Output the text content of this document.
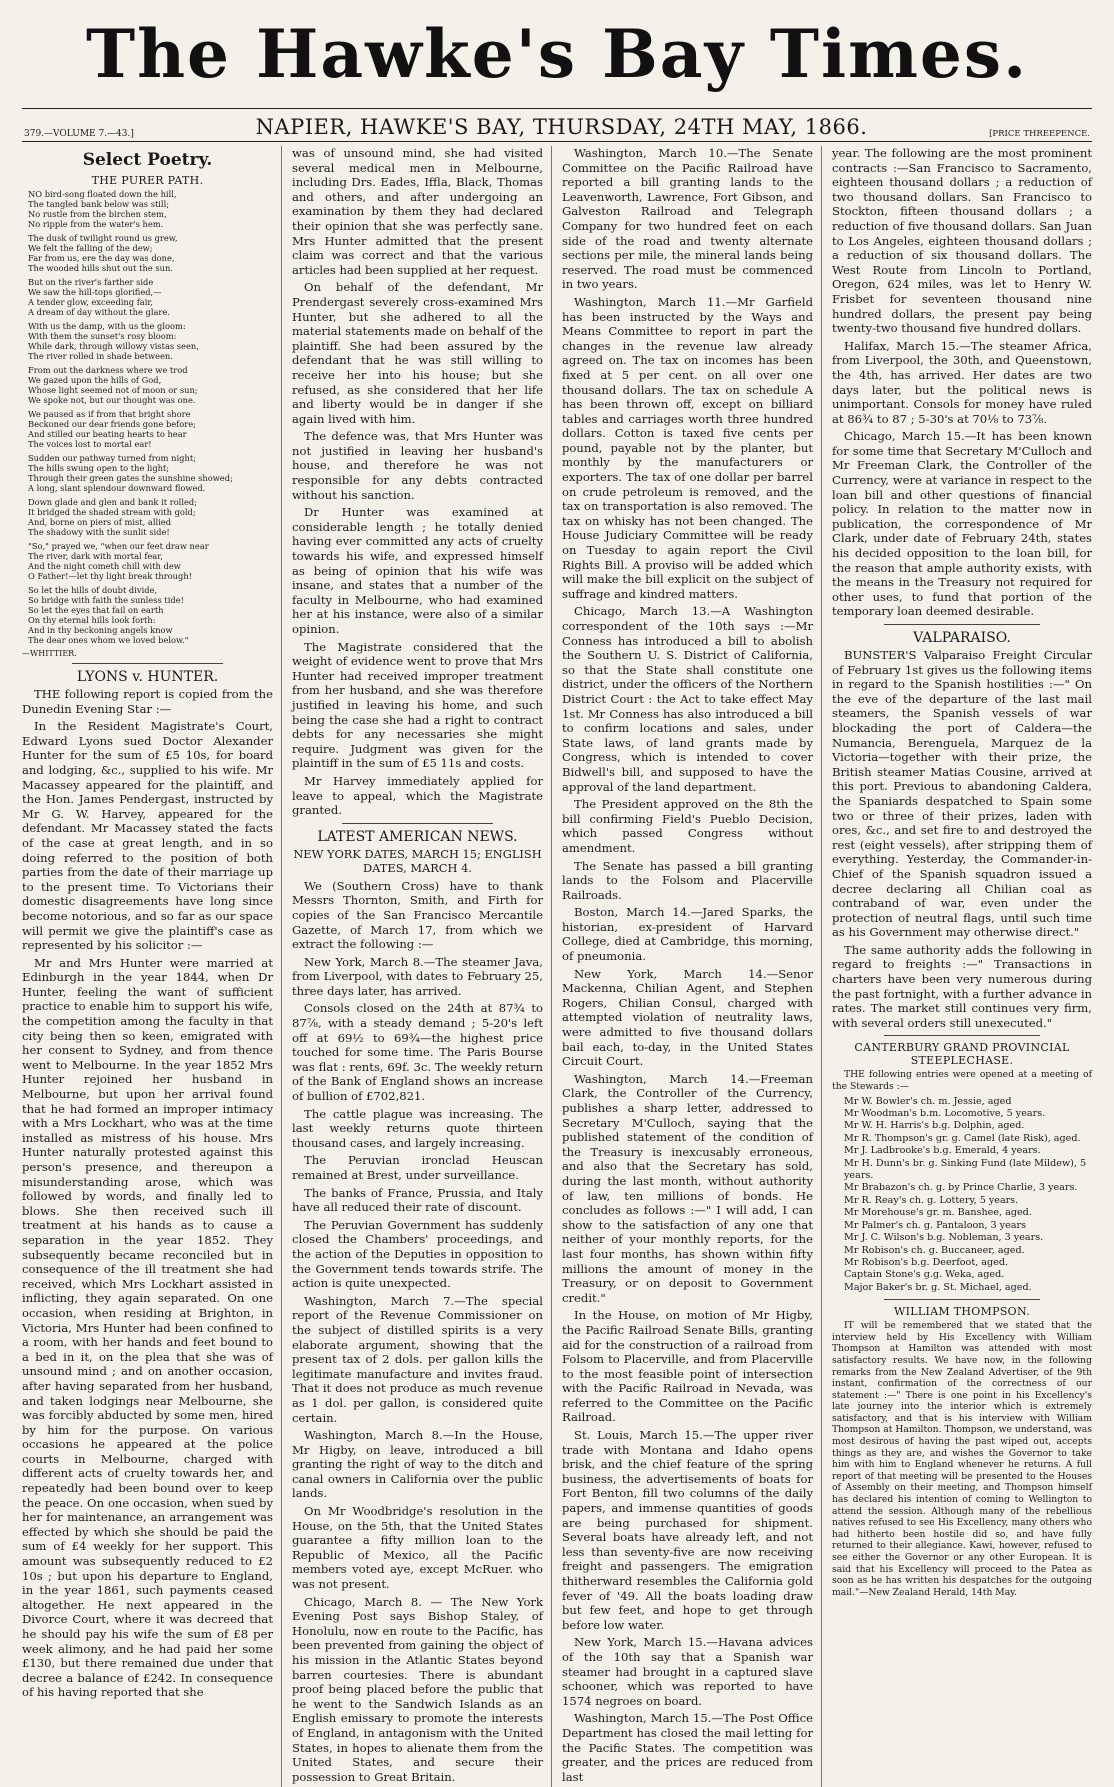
The Hawke's Bay Times.
379.—VOLUME 7.—43.]	NAPIER, HAWKE'S BAY, THURSDAY, 24TH MAY, 1866.	[PRICE THREEPENCE.
Select Poetry.
THE PURER PATH.
NO bird-song floated down the hill,
The tangled bank below was still;
No rustle from the birchen stem,
No ripple from the water's hem.
The dusk of twilight round us grew,
We felt the falling of the dew;
Far from us, ere the day was done,
The wooded hills shut out the sun.
But on the river's farther side
We saw the hill-tops glorified,—
A tender glow, exceeding fair,
A dream of day without the glare.
With us the damp, with us the gloom:
With them the sunset's rosy bloom:
While dark, through willowy vistas seen,
The river rolled in shade between.
From out the darkness where we trod
We gazed upon the hills of God,
Whose light seemed not of moon or sun;
We spoke not, but our thought was one.
We paused as if from that bright shore
Beckoned our dear friends gone before;
And stilled our beating hearts to hear
The voices lost to mortal ear!
Sudden our pathway turned from night;
The hills swung open to the light;
Through their green gates the sunshine showed;
A long, slant splendour downward flowed.
Down glade and glen and bank it rolled;
It bridged the shaded stream with gold;
And, borne on piers of mist, allied
The shadowy with the sunlit side!
"So," prayed we, "when our feet draw near
The river, dark with mortal fear,
And the night cometh chill with dew
O Father!—let thy light break through!
So let the hills of doubt divide,
So bridge with faith the sunless tide!
So let the eyes that fail on earth
On thy eternal hills look forth:
And in thy beckoning angels know
The dear ones whom we loved below."
—WHITTIER.
LYONS v. HUNTER.

THE following report is copied from the Dunedin Evening Star :—

In the Resident Magistrate's Court, Edward Lyons sued Doctor Alexander Hunter for the sum of £5 10s, for board and lodging, &c., supplied to his wife. Mr Macassey appeared for the plaintiff, and the Hon. James Pendergast, instructed by Mr G. W. Harvey, appeared for the defendant. Mr Macassey stated the facts of the case at great length, and in so doing referred to the position of both parties from the date of their marriage up to the present time. To Victorians their domestic disagreements have long since become notorious, and so far as our space will permit we give the plaintiff's case as represented by his solicitor :—

Mr and Mrs Hunter were married at Edinburgh in the year 1844, when Dr Hunter, feeling the want of sufficient practice to enable him to support his wife, the competition among the faculty in that city being then so keen, emigrated with her consent to Sydney, and from thence went to Melbourne. In the year 1852 Mrs Hunter rejoined her husband in Melbourne, but upon her arrival found that he had formed an improper intimacy with a Mrs Lockhart, who was at the time installed as mistress of his house. Mrs Hunter naturally protested against this person's presence, and thereupon a misunderstanding arose, which was followed by words, and finally led to blows. She then received such ill treatment at his hands as to cause a separation in the year 1852. They subsequently became reconciled but in consequence of the ill treatment she had received, which Mrs Lockhart assisted in inflicting, they again separated. On one occasion, when residing at Brighton, in Victoria, Mrs Hunter had been confined to a room, with her hands and feet bound to a bed in it, on the plea that she was of unsound mind ; and on another occasion, after having separated from her husband, and taken lodgings near Melbourne, she was forcibly abducted by some men, hired by him for the purpose. On various occasions he appeared at the police courts in Melbourne, charged with different acts of cruelty towards her, and repeatedly had been bound over to keep the peace. On one occasion, when sued by her for maintenance, an arrangement was effected by which she should be paid the sum of £4 weekly for her support. This amount was subsequently reduced to £2 10s ; but upon his departure to England, in the year 1861, such payments ceased altogether. He next appeared in the Divorce Court, where it was decreed that he should pay his wife the sum of £8 per week alimony, and he had paid her some £130, but there remained due under that decree a balance of £242. In consequence of his having reported that she

was of unsound mind, she had visited several medical men in Melbourne, including Drs. Eades, Iffla, Black, Thomas and others, and after undergoing an examination by them they had declared their opinion that she was perfectly sane. Mrs Hunter admitted that the present claim was correct and that the various articles had been supplied at her request.

On behalf of the defendant, Mr Prendergast severely cross-examined Mrs Hunter, but she adhered to all the material statements made on behalf of the plaintiff. She had been assured by the defendant that he was still willing to receive her into his house; but she refused, as she considered that her life and liberty would be in danger if she again lived with him.

The defence was, that Mrs Hunter was not justified in leaving her husband's house, and therefore he was not responsible for any debts contracted without his sanction.

Dr Hunter was examined at considerable length ; he totally denied having ever committed any acts of cruelty towards his wife, and expressed himself as being of opinion that his wife was insane, and states that a number of the faculty in Melbourne, who had examined her at his instance, were also of a similar opinion.

The Magistrate considered that the weight of evidence went to prove that Mrs Hunter had received improper treatment from her husband, and she was therefore justified in leaving his home, and such being the case she had a right to contract debts for any necessaries she might require. Judgment was given for the plaintiff in the sum of £5 11s and costs.

Mr Harvey immediately applied for leave to appeal, which the Magistrate granted.

LATEST AMERICAN NEWS.
NEW YORK DATES, MARCH 15; ENGLISH DATES, MARCH 4.

We (Southern Cross) have to thank Messrs Thornton, Smith, and Firth for copies of the San Francisco Mercantile Gazette, of March 17, from which we extract the following :—

New York, March 8.—The steamer Java, from Liverpool, with dates to February 25, three days later, has arrived.

Consols closed on the 24th at 87¾ to 87⅞, with a steady demand ; 5-20's left off at 69½ to 69¾—the highest price touched for some time. The Paris Bourse was flat : rents, 69f. 3c. The weekly return of the Bank of England shows an increase of bullion of £702,821.

The cattle plague was increasing. The last weekly returns quote thirteen thousand cases, and largely increasing.

The Peruvian ironclad Heuscan remained at Brest, under surveillance.

The banks of France, Prussia, and Italy have all reduced their rate of discount.

The Peruvian Government has suddenly closed the Chambers' proceedings, and the action of the Deputies in opposition to the Government tends towards strife. The action is quite unexpected.

Washington, March 7.—The special report of the Revenue Commissioner on the subject of distilled spirits is a very elaborate argument, showing that the present tax of 2 dols. per gallon kills the legitimate manufacture and invites fraud. That it does not produce as much revenue as 1 dol. per gallon, is considered quite certain.

Washington, March 8.—In the House, Mr Higby, on leave, introduced a bill granting the right of way to the ditch and canal owners in California over the public lands.

On Mr Woodbridge's resolution in the House, on the 5th, that the United States guarantee a fifty million loan to the Republic of Mexico, all the Pacific members voted aye, except McRuer. who was not present.

Chicago, March 8. — The New York Evening Post says Bishop Staley, of Honolulu, now en route to the Pacific, has been prevented from gaining the object of his mission in the Atlantic States beyond barren courtesies. There is abundant proof being placed before the public that he went to the Sandwich Islands as an English emissary to promote the interests of England, in antagonism with the United States, in hopes to alienate them from the United States, and secure their possession to Great Britain.

Washington, March 10.—The Senate Committee on the Pacific Railroad have reported a bill granting lands to the Leavenworth, Lawrence, Fort Gibson, and Galveston Railroad and Telegraph Company for two hundred feet on each side of the road and twenty alternate sections per mile, the mineral lands being reserved. The road must be commenced in two years.

Washington, March 11.—Mr Garfield has been instructed by the Ways and Means Committee to report in part the changes in the revenue law already agreed on. The tax on incomes has been fixed at 5 per cent. on all over one thousand dollars. The tax on schedule A has been thrown off, except on billiard tables and carriages worth three hundred dollars. Cotton is taxed five cents per pound, payable not by the planter, but monthly by the manufacturers or exporters. The tax of one dollar per barrel on crude petroleum is removed, and the tax on transportation is also removed. The tax on whisky has not been changed. The House Judiciary Committee will be ready on Tuesday to again report the Civil Rights Bill. A proviso will be added which will make the bill explicit on the subject of suffrage and kindred matters.

Chicago, March 13.—A Washington correspondent of the 10th says :—Mr Conness has introduced a bill to abolish the Southern U. S. District of California, so that the State shall constitute one district, under the officers of the Northern District Court : the Act to take effect May 1st. Mr Conness has also introduced a bill to confirm locations and sales, under State laws, of land grants made by Congress, which is intended to cover Bidwell's bill, and supposed to have the approval of the land department.

The President approved on the 8th the bill confirming Field's Pueblo Decision, which passed Congress without amendment.

The Senate has passed a bill granting lands to the Folsom and Placerville Railroads.

Boston, March 14.—Jared Sparks, the historian, ex-president of Harvard College, died at Cambridge, this morning, of pneumonia.

New York, March 14.—Senor Mackenna, Chilian Agent, and Stephen Rogers, Chilian Consul, charged with attempted violation of neutrality laws, were admitted to five thousand dollars bail each, to-day, in the United States Circuit Court.

Washington, March 14.—Freeman Clark, the Controller of the Currency, publishes a sharp letter, addressed to Secretary M'Culloch, saying that the published statement of the condition of the Treasury is inexcusably erroneous, and also that the Secretary has sold, during the last month, without authority of law, ten millions of bonds. He concludes as follows :—" I will add, I can show to the satisfaction of any one that neither of your monthly reports, for the last four months, has shown within fifty millions the amount of money in the Treasury, or on deposit to Government credit."

In the House, on motion of Mr Higby, the Pacific Railroad Senate Bills, granting aid for the construction of a railroad from Folsom to Placerville, and from Placerville to the most feasible point of intersection with the Pacific Railroad in Nevada, was referred to the Committee on the Pacific Railroad.

St. Louis, March 15.—The upper river trade with Montana and Idaho opens brisk, and the chief feature of the spring business, the advertisements of boats for Fort Benton, fill two columns of the daily papers, and immense quantities of goods are being purchased for shipment. Several boats have already left, and not less than seventy-five are now receiving freight and passengers. The emigration thitherward resembles the California gold fever of '49. All the boats loading draw but few feet, and hope to get through before low water.

New York, March 15.—Havana advices of the 10th say that a Spanish war steamer had brought in a captured slave schooner, which was reported to have 1574 negroes on board.

Washington, March 15.—The Post Office Department has closed the mail letting for the Pacific States. The competition was greater, and the prices are reduced from last

year. The following are the most prominent contracts :—San Francisco to Sacramento, eighteen thousand dollars ; a reduction of two thousand dollars. San Francisco to Stockton, fifteen thousand dollars ; a reduction of five thousand dollars. San Juan to Los Angeles, eighteen thousand dollars ; a reduction of six thousand dollars. The West Route from Lincoln to Portland, Oregon, 624 miles, was let to Henry W. Frisbet for seventeen thousand nine hundred dollars, the present pay being twenty-two thousand five hundred dollars.

Halifax, March 15.—The steamer Africa, from Liverpool, the 30th, and Queenstown, the 4th, has arrived. Her dates are two days later, but the political news is unimportant. Consols for money have ruled at 86¾ to 87 ; 5-30's at 70⅛ to 73⅞.

Chicago, March 15.—It has been known for some time that Secretary M'Culloch and Mr Freeman Clark, the Controller of the Currency, were at variance in respect to the loan bill and other questions of financial policy. In relation to the matter now in publication, the correspondence of Mr Clark, under date of February 24th, states his decided opposition to the loan bill, for the reason that ample authority exists, with the means in the Treasury not required for other uses, to fund that portion of the temporary loan deemed desirable.

VALPARAISO.

BUNSTER'S Valparaiso Freight Circular of February 1st gives us the following items in regard to the Spanish hostilities :—" On the eve of the departure of the last mail steamers, the Spanish vessels of war blockading the port of Caldera—the Numancia, Berenguela, Marquez de la Victoria—together with their prize, the British steamer Matias Cousine, arrived at this port. Previous to abandoning Caldera, the Spaniards despatched to Spain some two or three of their prizes, laden with ores, &c., and set fire to and destroyed the rest (eight vessels), after stripping them of everything. Yesterday, the Commander-in-Chief of the Spanish squadron issued a decree declaring all Chilian coal as contraband of war, even under the protection of neutral flags, until such time as his Government may otherwise direct."

The same authority adds the following in regard to freights :—" Transactions in charters have been very numerous during the past fortnight, with a further advance in rates. The market still continues very firm, with several orders still unexecuted."

CANTERBURY GRAND PROVINCIAL STEEPLECHASE.

THE following entries were opened at a meeting of the Stewards :—

Mr W. Bowler's ch. m. Jessie, aged
Mr Woodman's b.m. Locomotive, 5 years.
Mr W. H. Harris's b.g. Dolphin, aged.
Mr R. Thompson's gr. g. Camel (late Risk), aged.
Mr J. Ladbrooke's b.g. Emerald, 4 years.
Mr H. Dunn's br. g. Sinking Fund (late Mildew), 5 years.
Mr Brabazon's ch. g. by Prince Charlie, 3 years.
Mr R. Reay's ch. g. Lottery, 5 years.
Mr Morehouse's gr. m. Banshee, aged.
Mr Palmer's ch. g. Pantaloon, 3 years
Mr J. C. Wilson's b.g. Nobleman, 3 years.
Mr Robison's ch. g. Buccaneer, aged.
Mr Robison's b.g. Deerfoot, aged.
Captain Stone's g.g. Weka, aged.
Major Baker's br. g. St. Michael, aged.
WILLIAM THOMPSON.

IT will be remembered that we stated that the interview held by His Excellency with William Thompson at Hamilton was attended with most satisfactory results. We have now, in the following remarks from the New Zealand Advertiser, of the 9th instant, confirmation of the correctness of our statement :—" There is one point in his Excellency's late journey into the interior which is extremely satisfactory, and that is his interview with William Thompson at Hamilton. Thompson, we understand, was most desirous of having the past wiped out, accepts things as they are, and wishes the Governor to take him with him to England whenever he returns. A full report of that meeting will be presented to the Houses of Assembly on their meeting, and Thompson himself has declared his intention of coming to Wellington to attend the session. Although many of the rebellious natives refused to see His Excellency, many others who had hitherto been hostile did so, and have fully returned to their allegiance. Kawi, however, refused to see either the Governor or any other European. It is said that his Excellency will proceed to the Patea as soon as he has written his despatches for the outgoing mail."—New Zealand Herald, 14th May.
